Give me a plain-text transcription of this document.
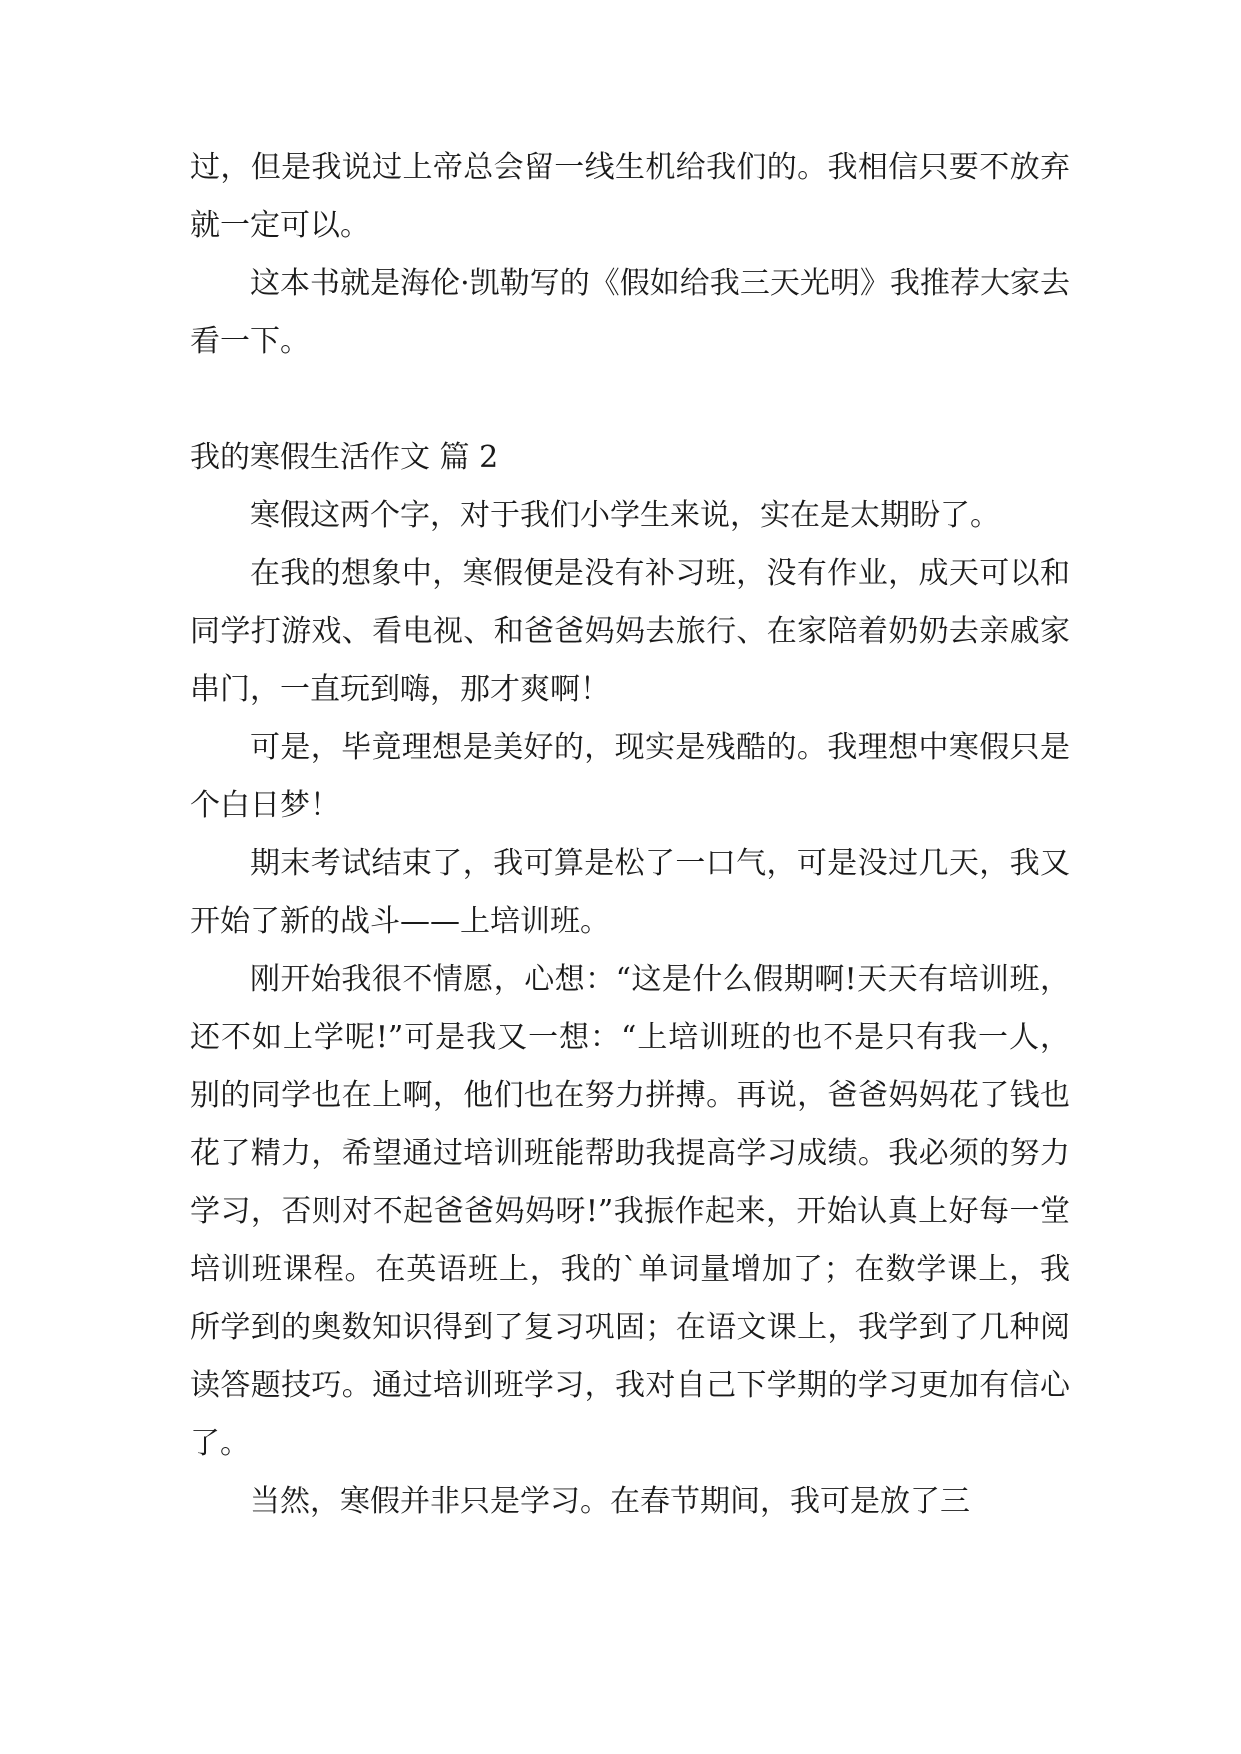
过，但是我说过上帝总会留一线生机给我们的。我相信只要不放弃就一定可以。

这本书就是海伦·凯勒写的《假如给我三天光明》我推荐大家去看一下。

我的寒假生活作文 篇 2

寒假这两个字，对于我们小学生来说，实在是太期盼了。

在我的想象中，寒假便是没有补习班，没有作业，成天可以和同学打游戏、看电视、和爸爸妈妈去旅行、在家陪着奶奶去亲戚家串门，一直玩到嗨，那才爽啊！

可是，毕竟理想是美好的，现实是残酷的。我理想中寒假只是个白日梦！

期末考试结束了，我可算是松了一口气，可是没过几天，我又开始了新的战斗——上培训班。

刚开始我很不情愿，心想：“这是什么假期啊!天天有培训班，还不如上学呢!”可是我又一想：“上培训班的也不是只有我一人，别的同学也在上啊，他们也在努力拼搏。再说，爸爸妈妈花了钱也花了精力，希望通过培训班能帮助我提高学习成绩。我必须的努力学习，否则对不起爸爸妈妈呀!”我振作起来，开始认真上好每一堂培训班课程。在英语班上，我的`单词量增加了；在数学课上，我所学到的奥数知识得到了复习巩固；在语文课上，我学到了几种阅读答题技巧。通过培训班学习，我对自己下学期的学习更加有信心了。

当然，寒假并非只是学习。在春节期间，我可是放了三
